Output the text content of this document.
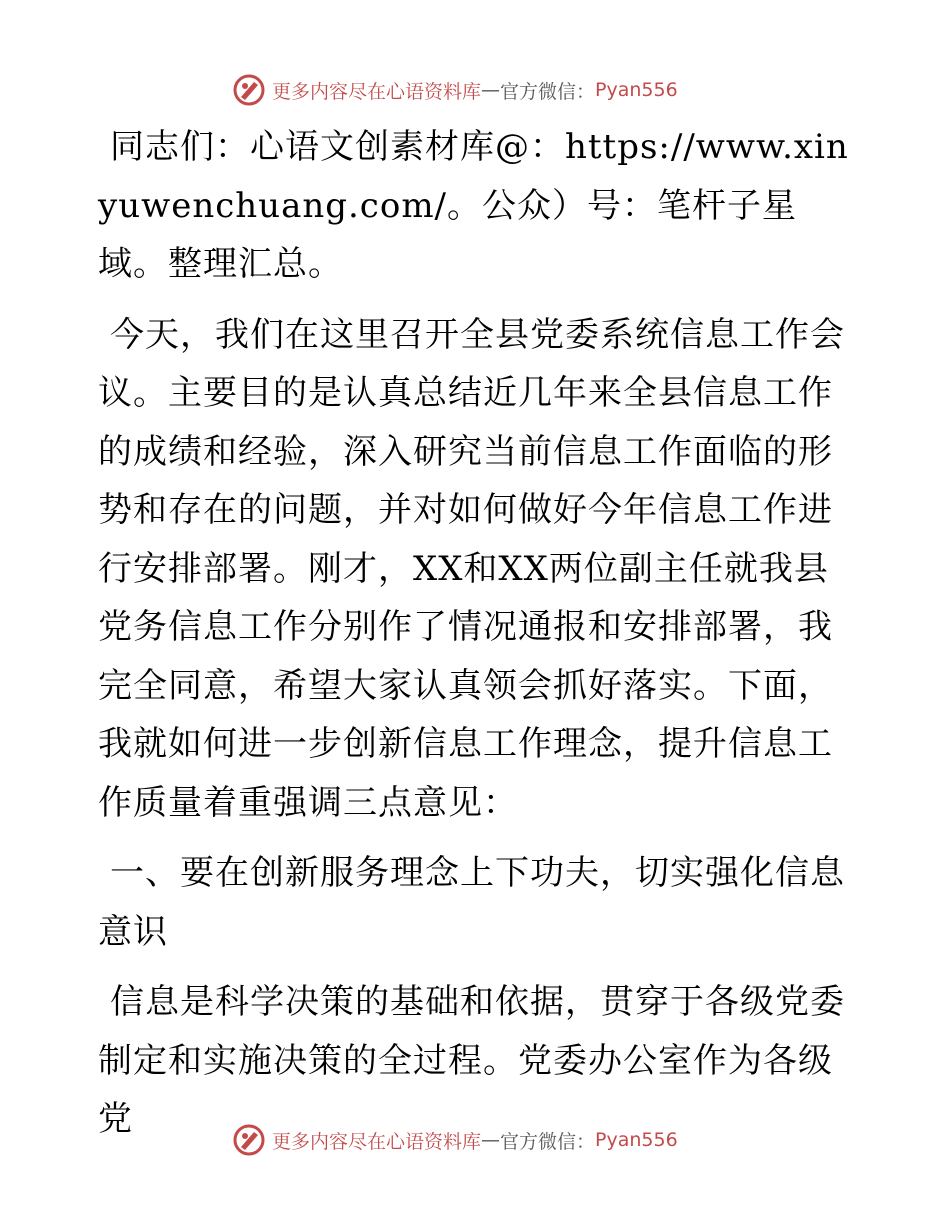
更多内容尽在心语资料库 — 官方微信： Pyan556

同志们：心语文创素材库@：https://www.xinyuwenchuang.com/。公众）号：笔杆子星域。整理汇总。

今天，我们在这里召开全县党委系统信息工作会议。主要目的是认真总结近几年来全县信息工作的成绩和经验，深入研究当前信息工作面临的形势和存在的问题，并对如何做好今年信息工作进行安排部署。刚才，XX和XX两位副主任就我县党务信息工作分别作了情况通报和安排部署，我完全同意，希望大家认真领会抓好落实。下面，我就如何进一步创新信息工作理念，提升信息工作质量着重强调三点意见：

一、要在创新服务理念上下功夫，切实强化信息意识

信息是科学决策的基础和依据，贯穿于各级党委制定和实施决策的全过程。党委办公室作为各级党

更多内容尽在心语资料库 — 官方微信： Pyan556
